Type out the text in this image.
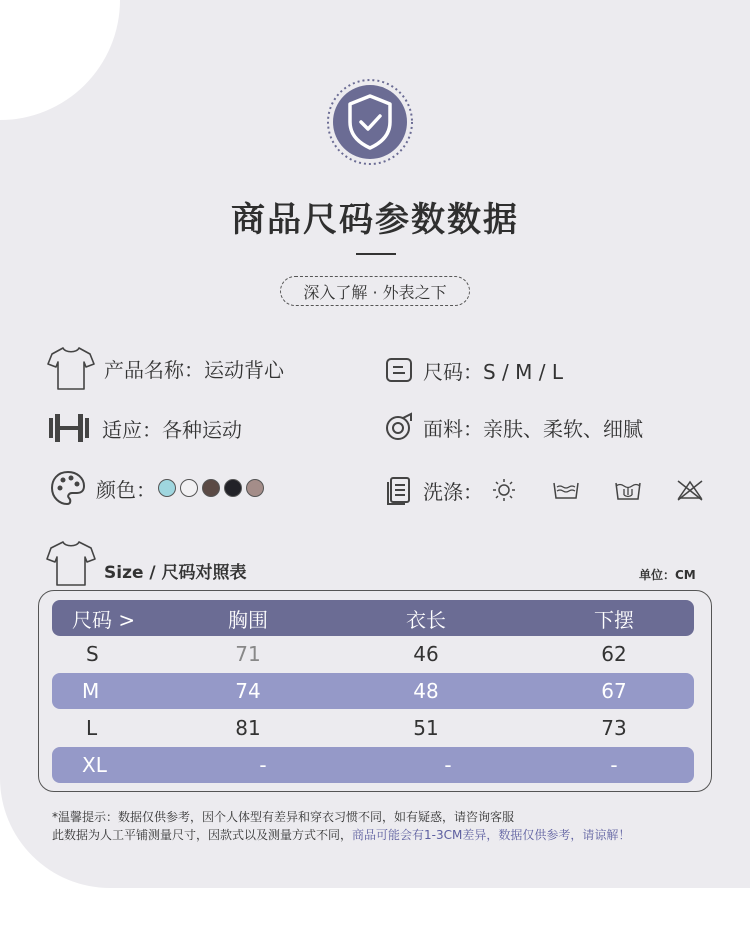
商品尺码参数数据
深入了解 · 外表之下
产品名称：运动背心	尺码：S / M / L
适应：各种运动	面料：亲肤、柔软、细腻
颜色：	洗涤：
Size / 尺码对照表	单位：CM
尺码 >	胸围	衣长	下摆
S	71	46	62
M	74	48	67
L	81	51	73
XL	-	-	-
*温馨提示：数据仅供参考，因个人体型有差异和穿衣习惯不同，如有疑惑，请咨询客服
此数据为人工平铺测量尺寸，因款式以及测量方式不同，商品可能会有1-3CM差异，数据仅供参考，请谅解！
